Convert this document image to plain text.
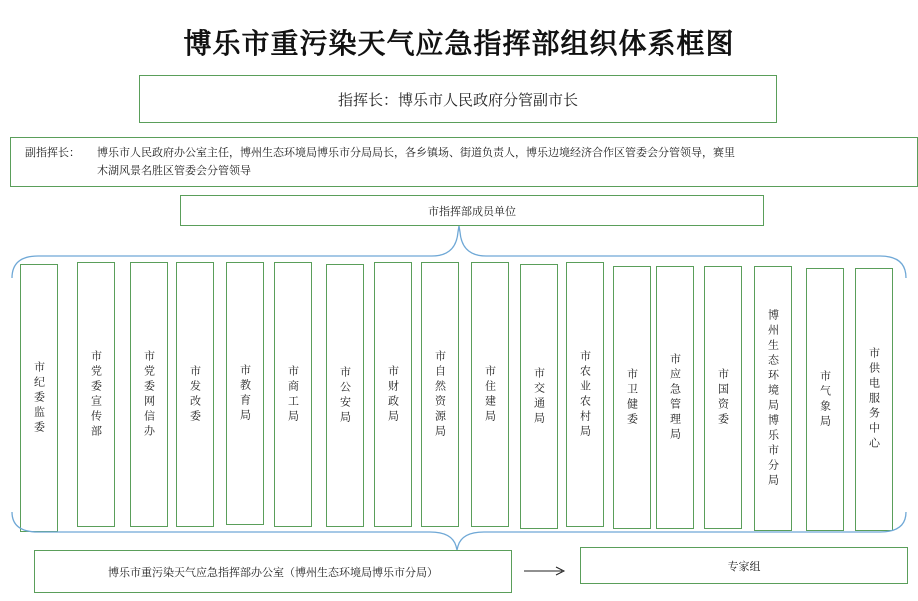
博乐市重污染天气应急指挥部组织体系框图
指挥长：博乐市人民政府分管副市长
副指挥长： 博乐市人民政府办公室主任，博州生态环境局博乐市分局局长，各乡镇场、街道负责人，博乐边境经济合作区管委会分管领导，赛里
木湖风景名胜区管委会分管领导
市指挥部成员单位
市纪委监委	市党委宣传部	市党委网信办	市发改委	市教育局	市商工局	市公安局	市财政局	市自然资源局	市住建局	市交通局	市农业农村局	市卫健委	市应急管理局	市国资委	博州生态环境局博乐市分局	市气象局	市供电服务中心
博乐市重污染天气应急指挥部办公室（博州生态环境局博乐市分局）	专家组
